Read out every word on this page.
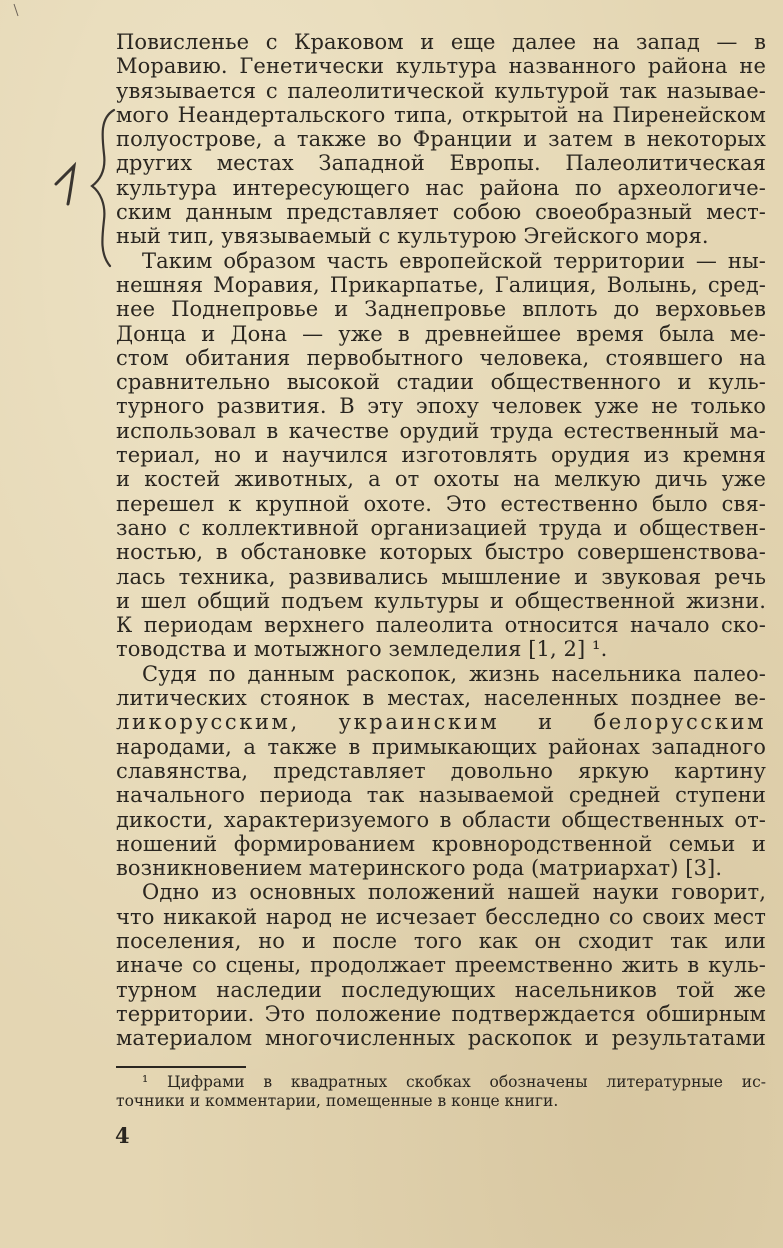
Повисленье с Краковом и еще далее на запад — в
Моравию. Генетически культура названного района не
увязывается с палеолитической культурой так называе-
мого Неандертальского типа, открытой на Пиренейском
полуострове, а также во Франции и затем в некоторых
других местах Западной Европы. Палеолитическая
культура интересующего нас района по археологиче-
ским данным представляет собою своеобразный мест-
ный тип, увязываемый с культурою Эгейского моря.
Таким образом часть европейской территории — ны-
нешняя Моравия, Прикарпатье, Галиция, Волынь, сред-
нее Поднепровье и Заднепровье вплоть до верховьев
Донца и Дона — уже в древнейшее время была ме-
стом обитания первобытного человека, стоявшего на
сравнительно высокой стадии общественного и куль-
турного развития. В эту эпоху человек уже не только
использовал в качестве орудий труда естественный ма-
териал, но и научился изготовлять орудия из кремня
и костей животных, а от охоты на мелкую дичь уже
перешел к крупной охоте. Это естественно было свя-
зано с коллективной организацией труда и обществен-
ностью, в обстановке которых быстро совершенствова-
лась техника, развивались мышление и звуковая речь
и шел общий подъем культуры и общественной жизни.
К периодам верхнего палеолита относится начало ско-
товодства и мотыжного земледелия [1, 2] ¹.
Судя по данным раскопок, жизнь насельника палео-
литических стоянок в местах, населенных позднее ве-
ликорусским, украинским и белорусским
народами, а также в примыкающих районах западного
славянства, представляет довольно яркую картину
начального периода так называемой средней ступени
дикости, характеризуемого в области общественных от-
ношений формированием кровнородственной семьи и
возникновением материнского рода (матриархат) [3].
Одно из основных положений нашей науки говорит,
что никакой народ не исчезает бесследно со своих мест
поселения, но и после того как он сходит так или
иначе со сцены, продолжает преемственно жить в куль-
турном наследии последующих насельников той же
территории. Это положение подтверждается обширным
материалом многочисленных раскопок и результатами
¹ Цифрами в квадратных скобках обозначены литературные ис-
точники и комментарии, помещенные в конце книги.
4
